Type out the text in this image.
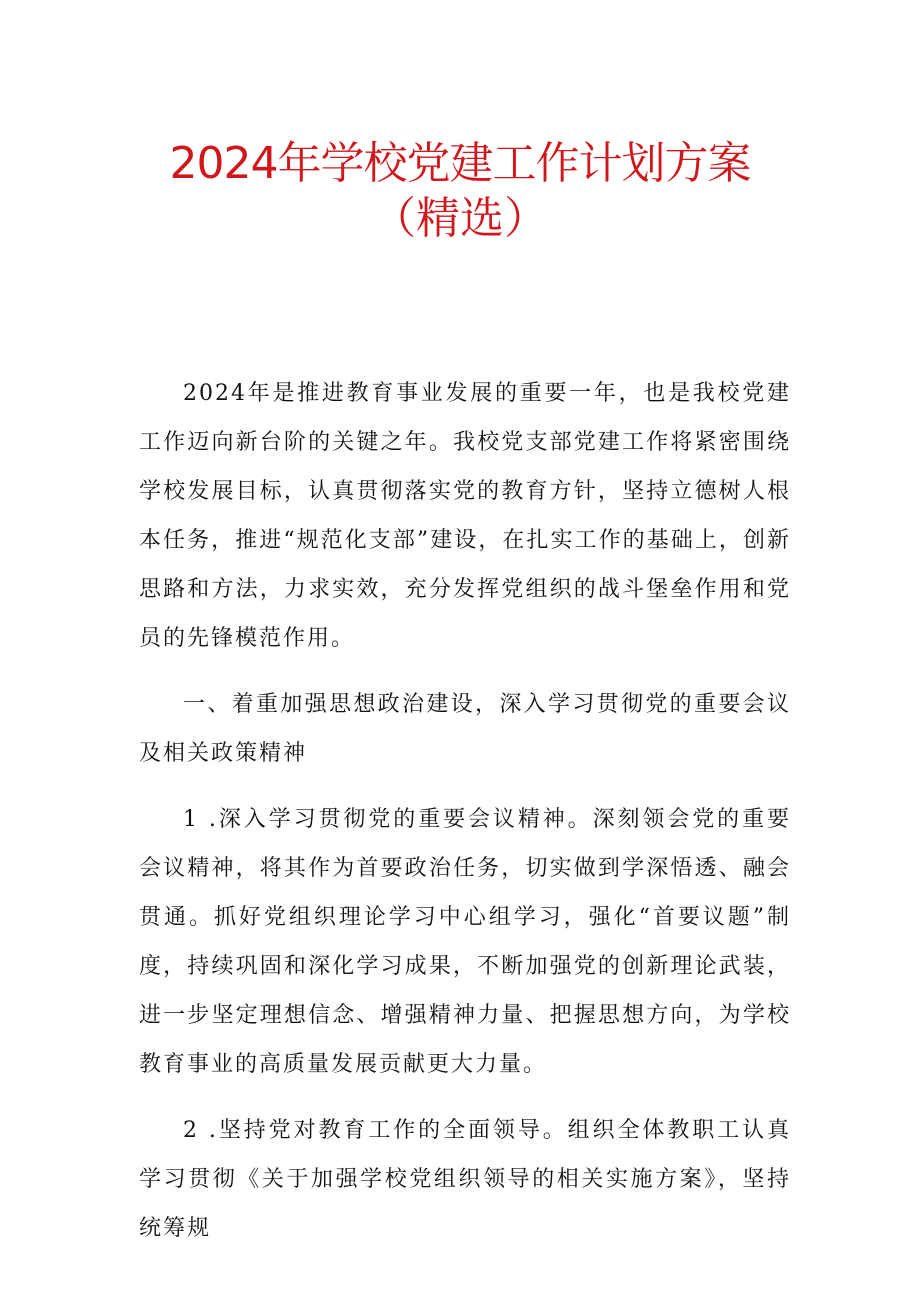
2024年学校党建工作计划方案
（精选）

2024年是推进教育事业发展的重要一年，也是我校党建工作迈向新台阶的关键之年。我校党支部党建工作将紧密围绕学校发展目标，认真贯彻落实党的教育方针，坚持立德树人根本任务，推进“规范化支部”建设，在扎实工作的基础上，创新思路和方法，力求实效，充分发挥党组织的战斗堡垒作用和党员的先锋模范作用。

一、着重加强思想政治建设，深入学习贯彻党的重要会议及相关政策精神

1 .深入学习贯彻党的重要会议精神。深刻领会党的重要会议精神，将其作为首要政治任务，切实做到学深悟透、融会贯通。抓好党组织理论学习中心组学习，强化“首要议题”制度，持续巩固和深化学习成果，不断加强党的创新理论武装，进一步坚定理想信念、增强精神力量、把握思想方向，为学校教育事业的高质量发展贡献更大力量。

2 .坚持党对教育工作的全面领导。组织全体教职工认真学习贯彻《关于加强学校党组织领导的相关实施方案》，坚持统筹规
